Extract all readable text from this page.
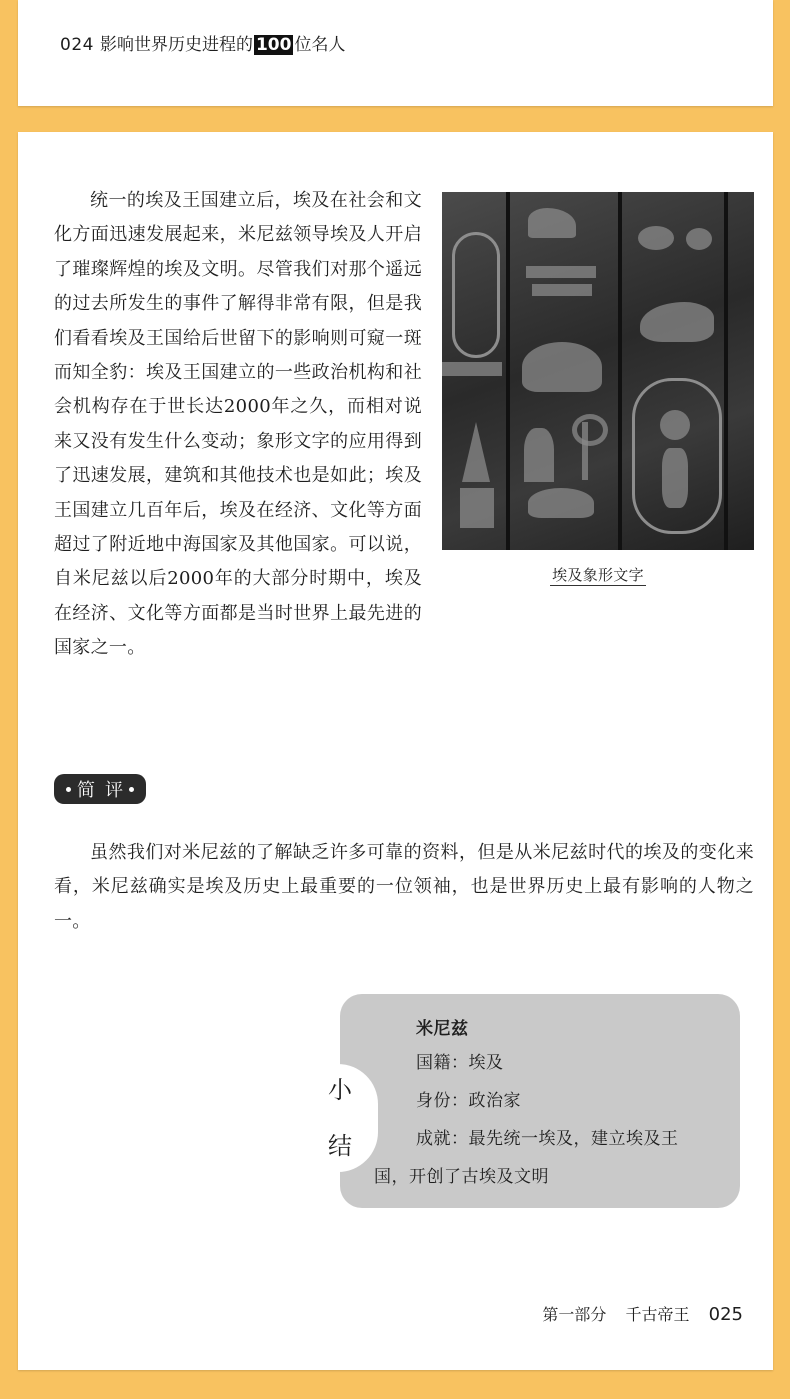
024 影响世界历史进程的 100 位名人

埃及象形文字
统一的埃及王国建立后，埃及在社会和文化方面迅速发展起来，米尼兹领导埃及人开启了璀璨辉煌的埃及文明。尽管我们对那个遥远的过去所发生的事件了解得非常有限，但是我们看看埃及王国给后世留下的影响则可窥一斑而知全豹：埃及王国建立的一些政治机构和社会机构存在于世长达2000年之久，而相对说来又没有发生什么变动；象形文字的应用得到了迅速发展，建筑和其他技术也是如此；埃及王国建立几百年后，埃及在经济、文化等方面超过了附近地中海国家及其他国家。可以说，自米尼兹以后2000年的大部分时期中，埃及在经济、文化等方面都是当时世界上最先进的国家之一。

简 评

虽然我们对米尼兹的了解缺乏许多可靠的资料，但是从米尼兹时代的埃及的变化来看，米尼兹确实是埃及历史上最重要的一位领袖，也是世界历史上最有影响的人物之一。

米尼兹
国籍：埃及
身份：政治家
成就：最先统一埃及，建立埃及王
国，开创了古埃及文明
小
结
第一部分 千古帝王 025
